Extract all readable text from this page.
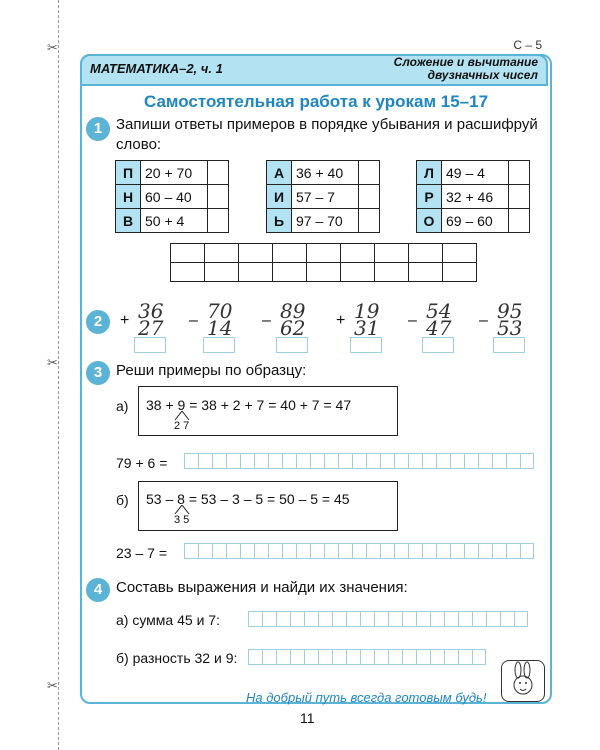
✂
✂
✂
С – 5
МАТЕМАТИКА–2, ч. 1	Сложение и вычитание
двузначных чисел
Самостоятельная работа к урокам 15–17
1 Запиши ответы примеров в порядке убывания и расшифруй
слово:
П	20 + 70	
Н	60 – 40	
В	50 + 4	
А	36 + 40	
И	57 – 7	
Ь	97 – 70	
Л	49 – 4	
Р	32 + 46	
О	69 – 60	

2	+ 36
27 – 70
14 – 89
62 + 19
31 – 54
47 – 95
53
3 Реши примеры по образцу:
а) 38 + 9 = 38 + 2 + 7 = 40 + 7 = 47
2 7
79 + 6 =
б) 53 – 8 = 53 – 3 – 5 = 50 – 5 = 45
3 5
23 – 7 =
4 Составь выражения и найди их значения:
а) сумма 45 и 7:
б) разность 32 и 9:
На добрый путь всегда готовым будь!
11
